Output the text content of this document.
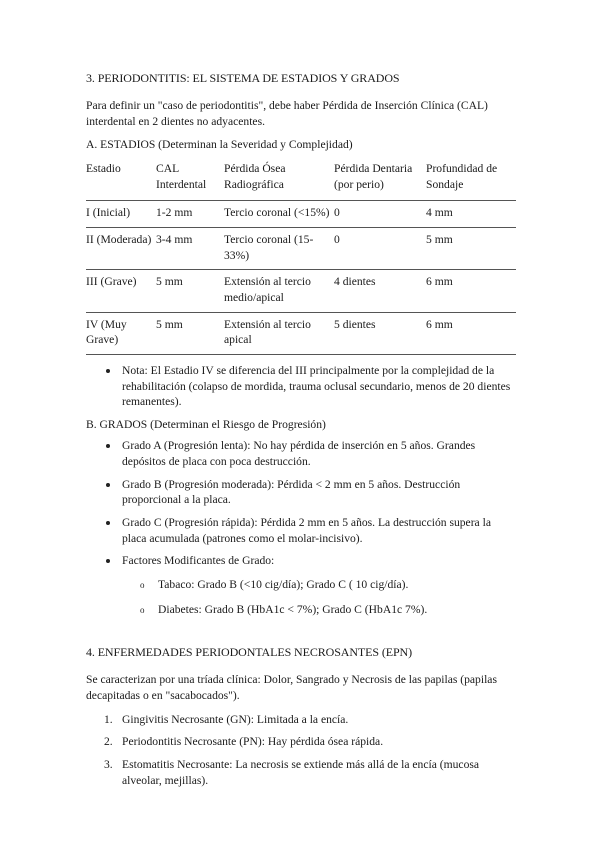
3. PERIODONTITIS: EL SISTEMA DE ESTADIOS Y GRADOS

Para definir un "caso de periodontitis", debe haber Pérdida de Inserción Clínica (CAL) interdental en 2 dientes no adyacentes.

A. ESTADIOS (Determinan la Severidad y Complejidad)

Estadio	CAL Interdental	Pérdida Ósea Radiográfica	Pérdida Dentaria (por perio)	Profundidad de Sondaje
I (Inicial)	1-2 mm	Tercio coronal (<15%)	0	4 mm
II (Moderada)	3-4 mm	Tercio coronal (15-33%)	0	5 mm
III (Grave)	5 mm	Extensión al tercio medio/apical	4 dientes	6 mm
IV (Muy Grave)	5 mm	Extensión al tercio apical	5 dientes	6 mm
Nota: El Estadio IV se diferencia del III principalmente por la complejidad de la rehabilitación (colapso de mordida, trauma oclusal secundario, menos de 20 dientes remanentes).

B. GRADOS (Determinan el Riesgo de Progresión)

Grado A (Progresión lenta): No hay pérdida de inserción en 5 años. Grandes depósitos de placa con poca destrucción.
Grado B (Progresión moderada): Pérdida < 2 mm en 5 años. Destrucción proporcional a la placa.
Grado C (Progresión rápida): Pérdida 2 mm en 5 años. La destrucción supera la placa acumulada (patrones como el molar-incisivo).
Factores Modificantes de Grado:
o Tabaco: Grado B (<10 cig/día); Grado C ( 10 cig/día).
o Diabetes: Grado B (HbA1c < 7%); Grado C (HbA1c 7%).
4. ENFERMEDADES PERIODONTALES NECROSANTES (EPN)

Se caracterizan por una tríada clínica: Dolor, Sangrado y Necrosis de las papilas (papilas decapitadas o en "sacabocados").

1. Gingivitis Necrosante (GN): Limitada a la encía.
2. Periodontitis Necrosante (PN): Hay pérdida ósea rápida.
3. Estomatitis Necrosante: La necrosis se extiende más allá de la encía (mucosa alveolar, mejillas).
